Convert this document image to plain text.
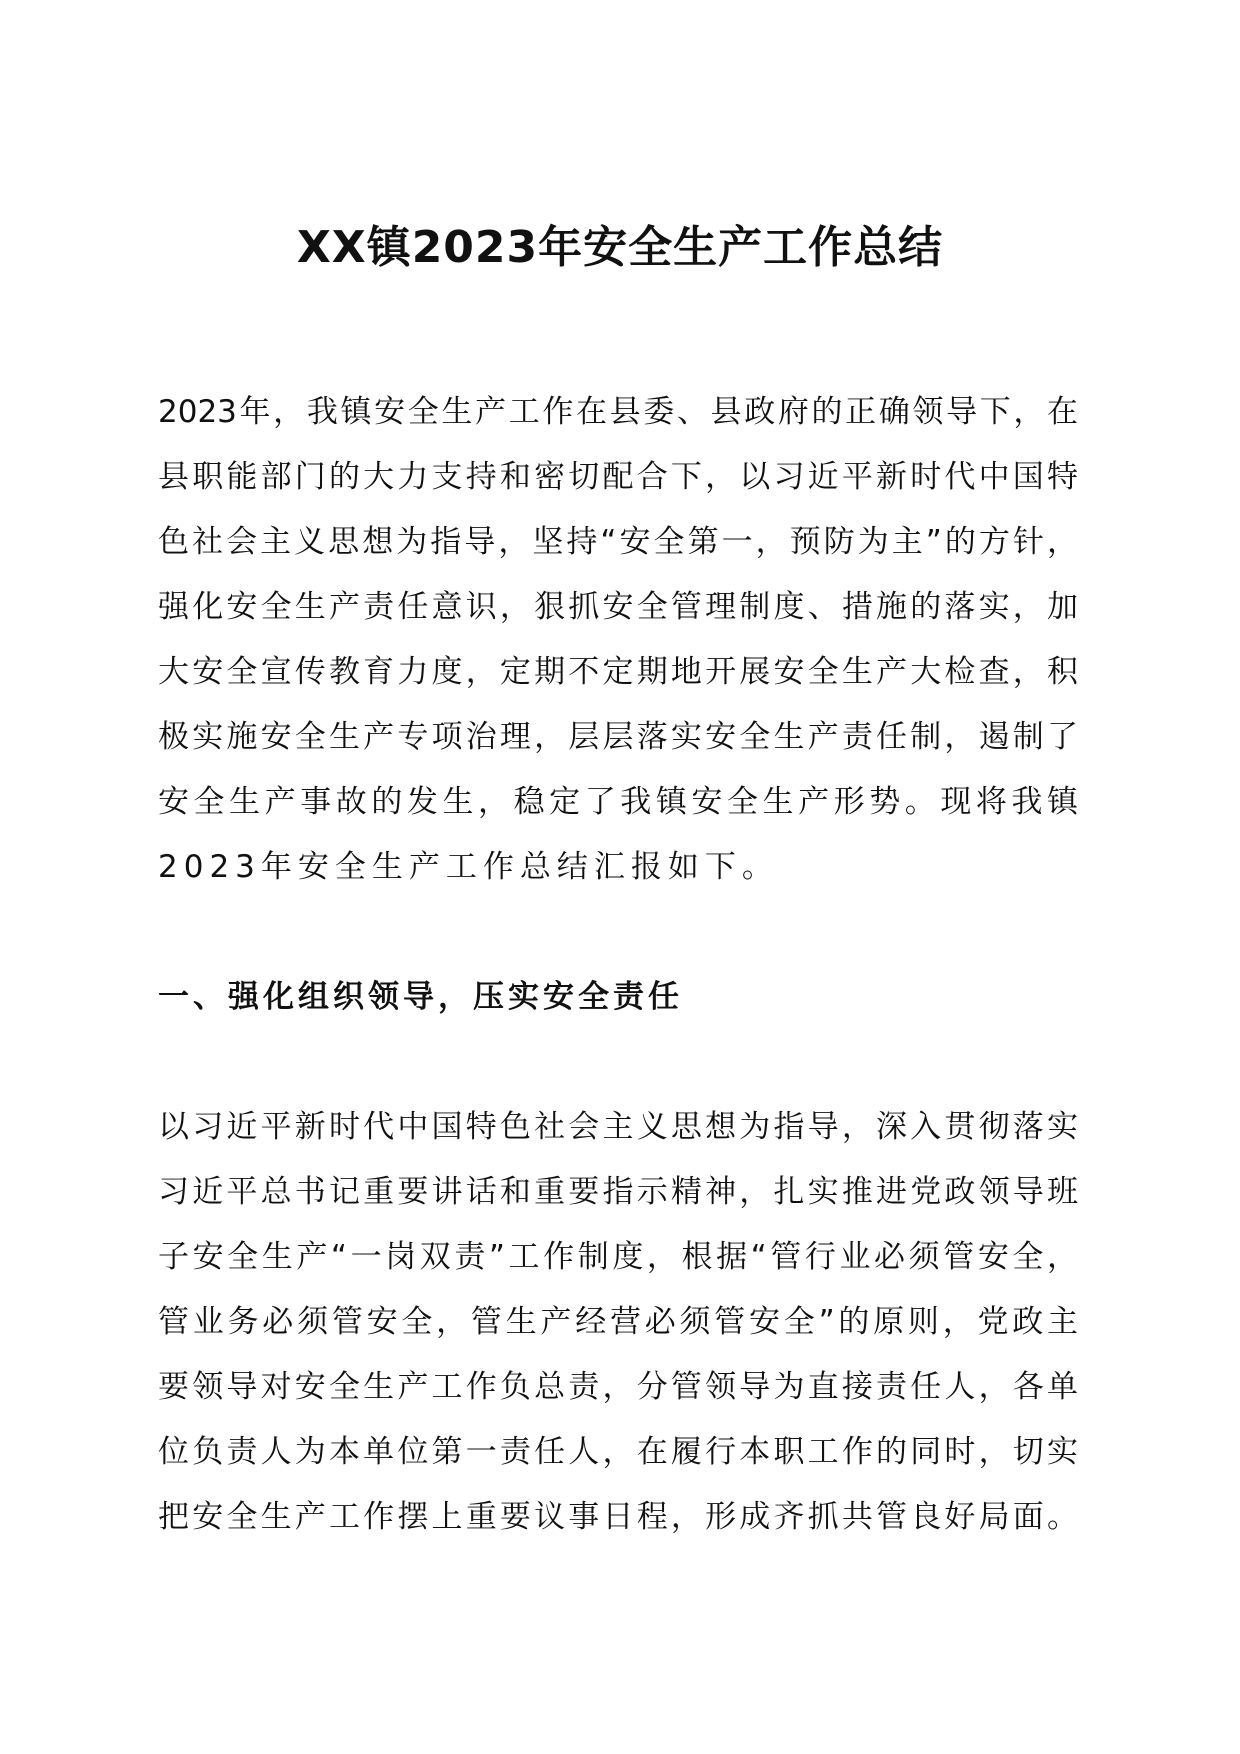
XX镇2023年安全生产工作总结

2023年，我镇安全生产工作在县委、县政府的正确领导下，在

县职能部门的大力支持和密切配合下，以习近平新时代中国特

色社会主义思想为指导，坚持“安全第一，预防为主”的方针，

强化安全生产责任意识，狠抓安全管理制度、措施的落实，加

大安全宣传教育力度，定期不定期地开展安全生产大检查，积

极实施安全生产专项治理，层层落实安全生产责任制，遏制了

安全生产事故的发生，稳定了我镇安全生产形势。现将我镇

2023年安全生产工作总结汇报如下。

一、强化组织领导，压实安全责任

以习近平新时代中国特色社会主义思想为指导，深入贯彻落实

习近平总书记重要讲话和重要指示精神，扎实推进党政领导班

子安全生产“一岗双责”工作制度，根据“管行业必须管安全，

管业务必须管安全，管生产经营必须管安全”的原则，党政主

要领导对安全生产工作负总责，分管领导为直接责任人，各单

位负责人为本单位第一责任人，在履行本职工作的同时，切实

把安全生产工作摆上重要议事日程，形成齐抓共管良好局面。
